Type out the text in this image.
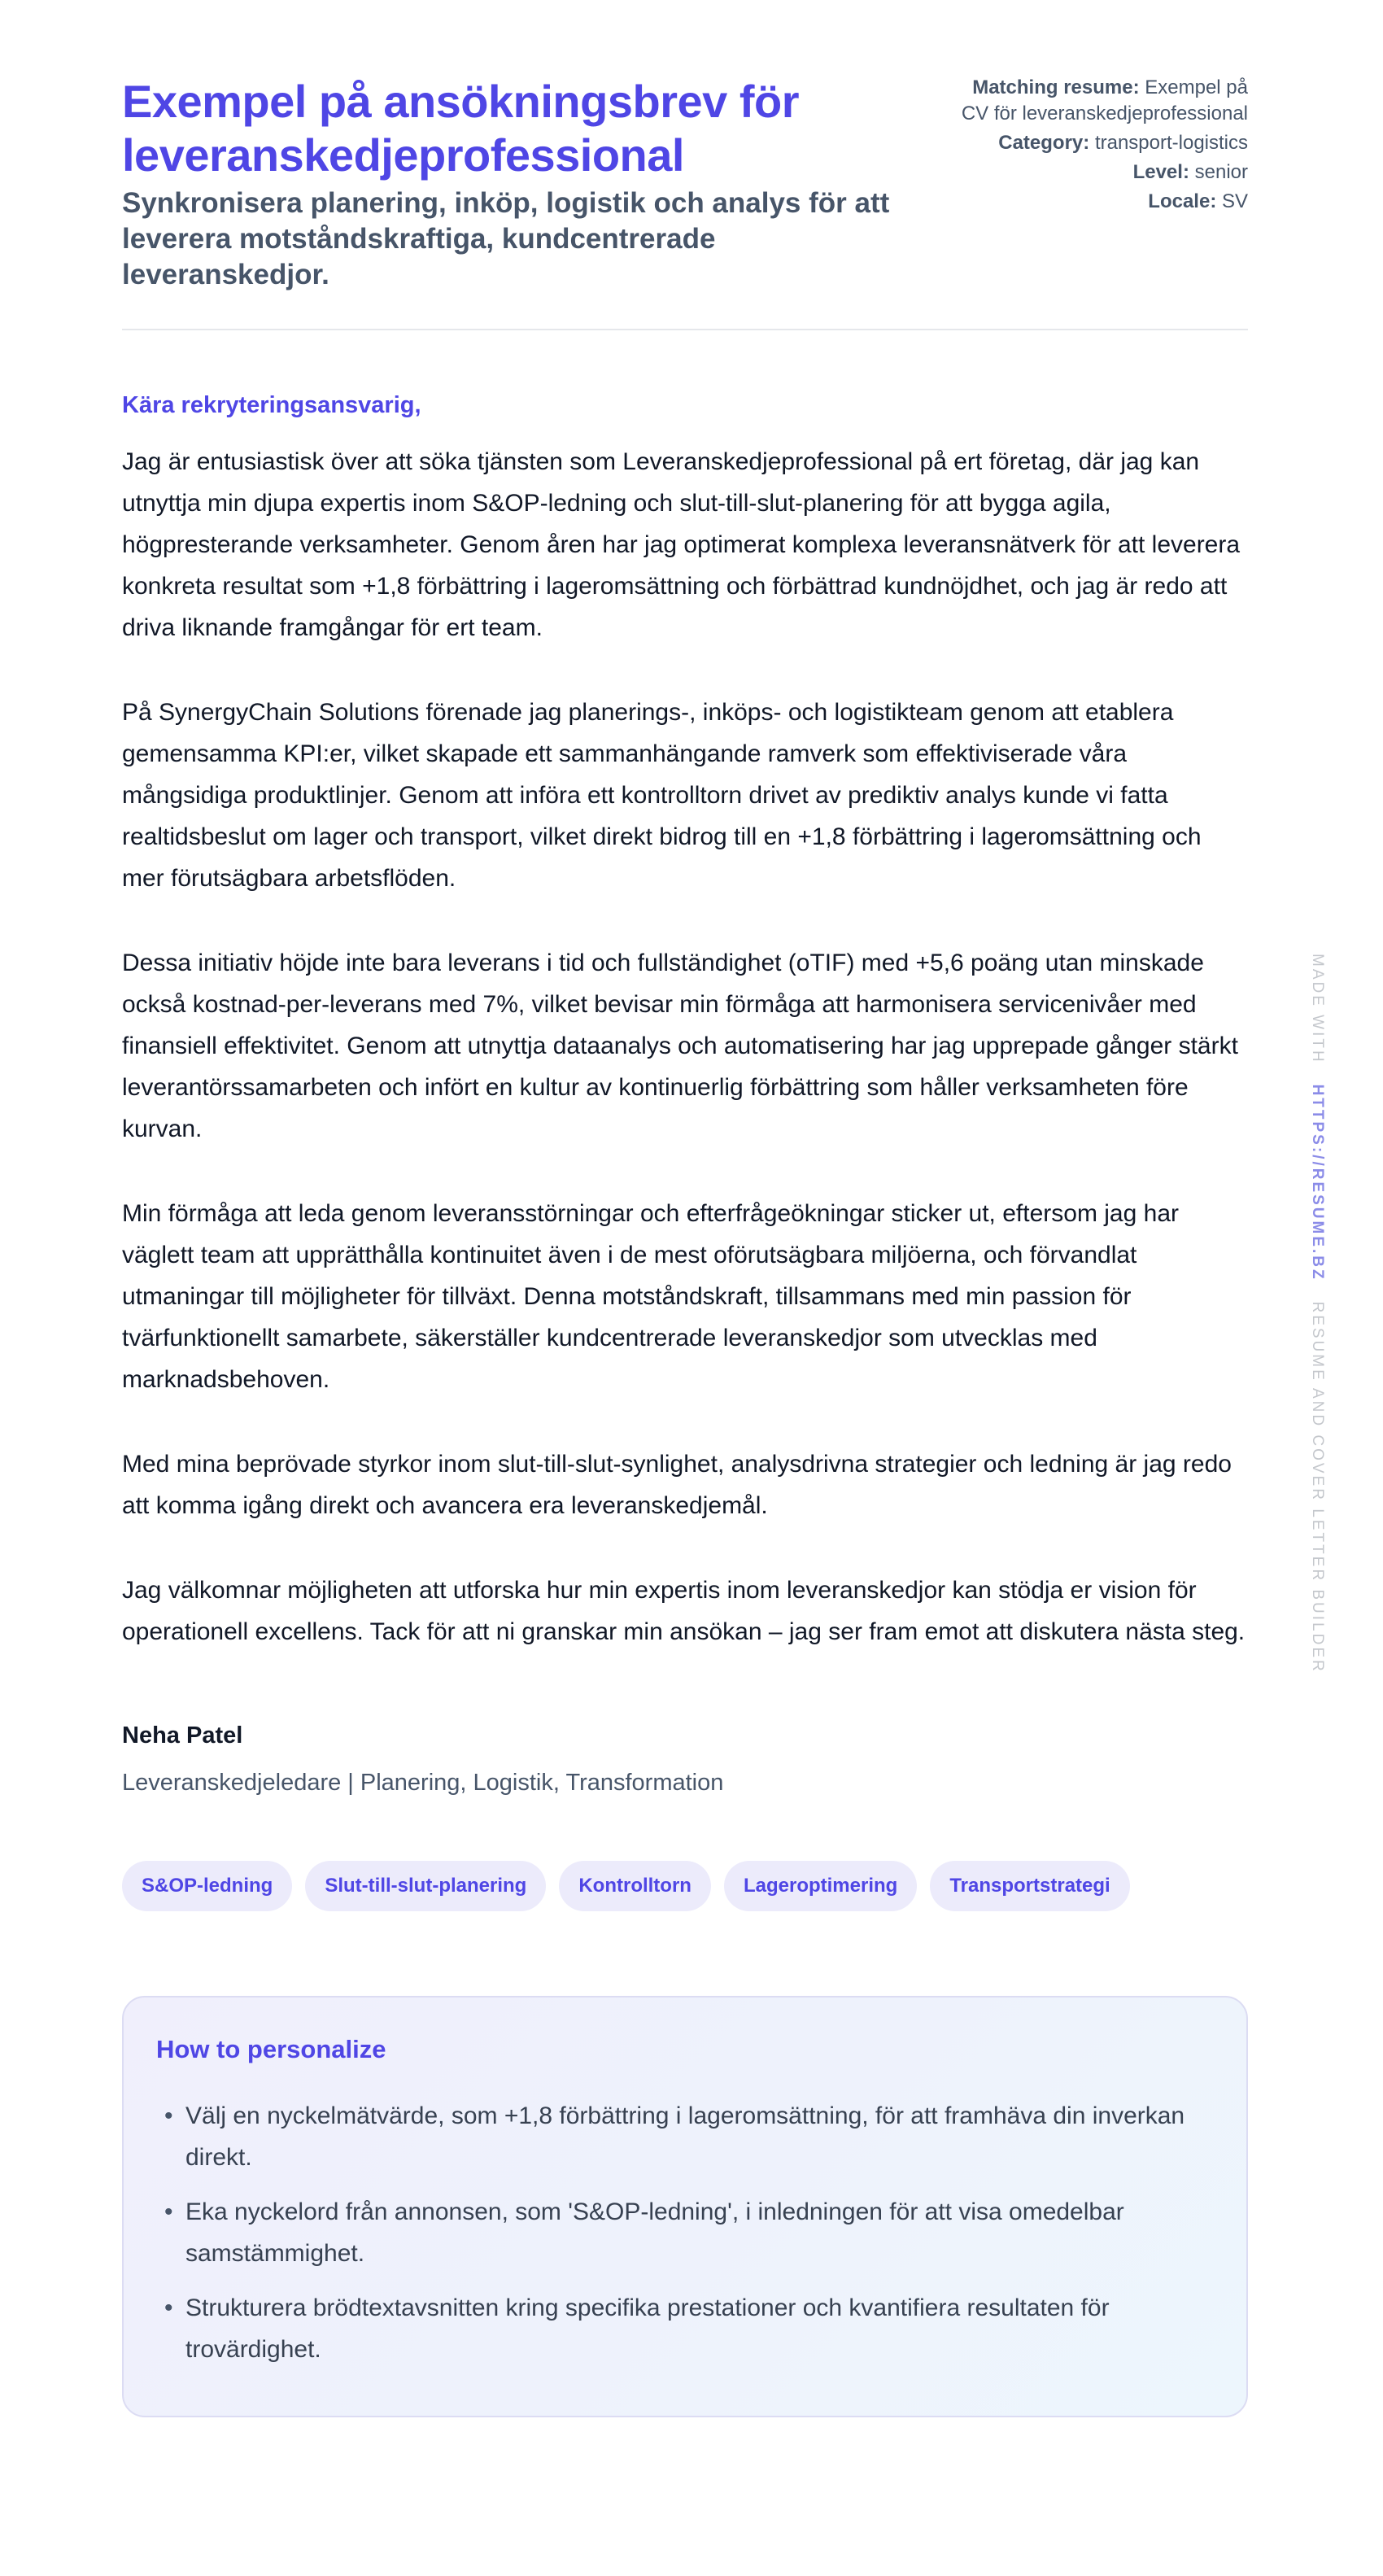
Exempel på ansökningsbrev för leveranskedjeprofessional

Synkronisera planering, inköp, logistik och analys för att leverera motståndskraftiga, kundcentrerade leveranskedjor.

Matching resume: Exempel på CV för leveranskedjeprofessional
Category: transport-logistics
Level: senior
Locale: SV

Kära rekryteringsansvarig,

Jag är entusiastisk över att söka tjänsten som Leveranskedjeprofessional på ert företag, där jag kan utnyttja min djupa expertis inom S&OP-ledning och slut-till-slut-planering för att bygga agila, högpresterande verksamheter. Genom åren har jag optimerat komplexa leveransnätverk för att leverera konkreta resultat som +1,8 förbättring i lageromsättning och förbättrad kundnöjdhet, och jag är redo att driva liknande framgångar för ert team.

På SynergyChain Solutions förenade jag planerings-, inköps- och logistikteam genom att etablera gemensamma KPI:er, vilket skapade ett sammanhängande ramverk som effektiviserade våra mångsidiga produktlinjer. Genom att införa ett kontrolltorn drivet av prediktiv analys kunde vi fatta realtidsbeslut om lager och transport, vilket direkt bidrog till en +1,8 förbättring i lageromsättning och mer förutsägbara arbetsflöden.

Dessa initiativ höjde inte bara leverans i tid och fullständighet (oTIF) med +5,6 poäng utan minskade också kostnad-per-leverans med 7%, vilket bevisar min förmåga att harmonisera servicenivåer med finansiell effektivitet. Genom att utnyttja dataanalys och automatisering har jag upprepade gånger stärkt leverantörssamarbeten och infört en kultur av kontinuerlig förbättring som håller verksamheten före kurvan.

Min förmåga att leda genom leveransstörningar och efterfrågeökningar sticker ut, eftersom jag har väglett team att upprätthålla kontinuitet även i de mest oförutsägbara miljöerna, och förvandlat utmaningar till möjligheter för tillväxt. Denna motståndskraft, tillsammans med min passion för tvärfunktionellt samarbete, säkerställer kundcentrerade leveranskedjor som utvecklas med marknadsbehoven.

Med mina beprövade styrkor inom slut-till-slut-synlighet, analysdrivna strategier och ledning är jag redo att komma igång direkt och avancera era leveranskedjemål.

Jag välkomnar möjligheten att utforska hur min expertis inom leveranskedjor kan stödja er vision för operationell excellens. Tack för att ni granskar min ansökan – jag ser fram emot att diskutera nästa steg.

Neha Patel
Leveranskedjeledare | Planering, Logistik, Transformation
S&OP-ledning	Slut-till-slut-planering	Kontrolltorn	Lageroptimering	Transportstrategi
How to personalize
• Välj en nyckelmätvärde, som +1,8 förbättring i lageromsättning, för att framhäva din inverkan direkt.
• Eka nyckelord från annonsen, som 'S&OP-ledning', i inledningen för att visa omedelbar samstämmighet.
• Strukturera brödtextavsnitten kring specifika prestationer och kvantifiera resultaten för trovärdighet.
MADE WITH   HTTPS://RESUME.BZ   RESUME AND COVER LETTER BUILDER
